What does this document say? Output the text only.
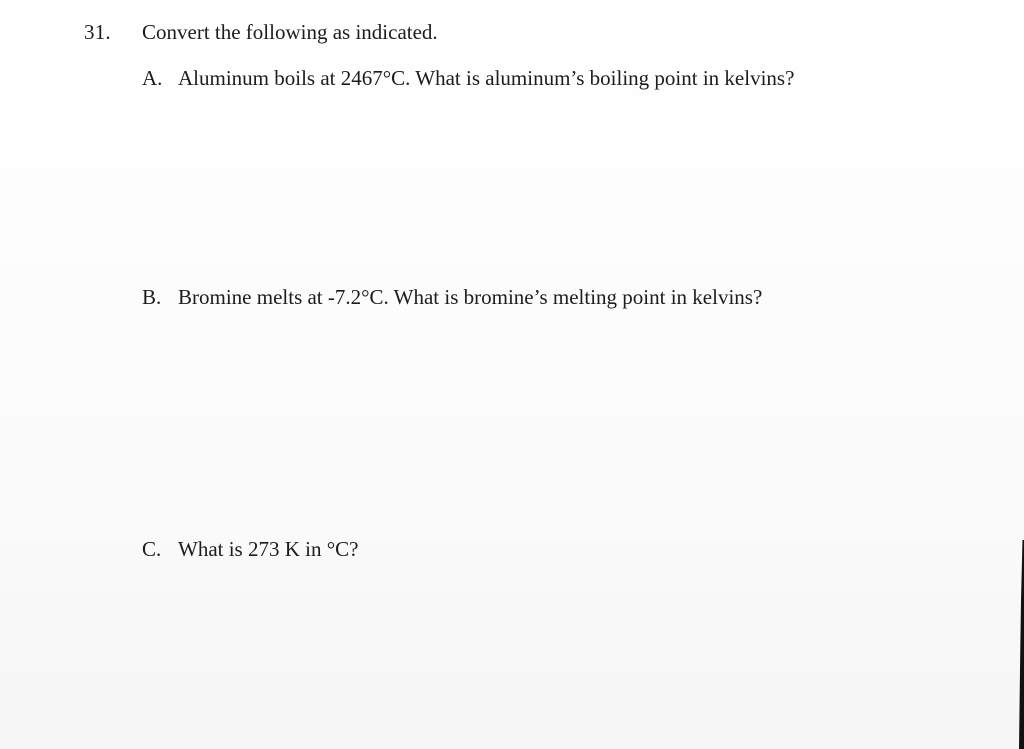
31. Convert the following as indicated.
A. Aluminum boils at 2467°C. What is aluminum’s boiling point in kelvins?
B. Bromine melts at -7.2°C. What is bromine’s melting point in kelvins?
C. What is 273 K in °C?
